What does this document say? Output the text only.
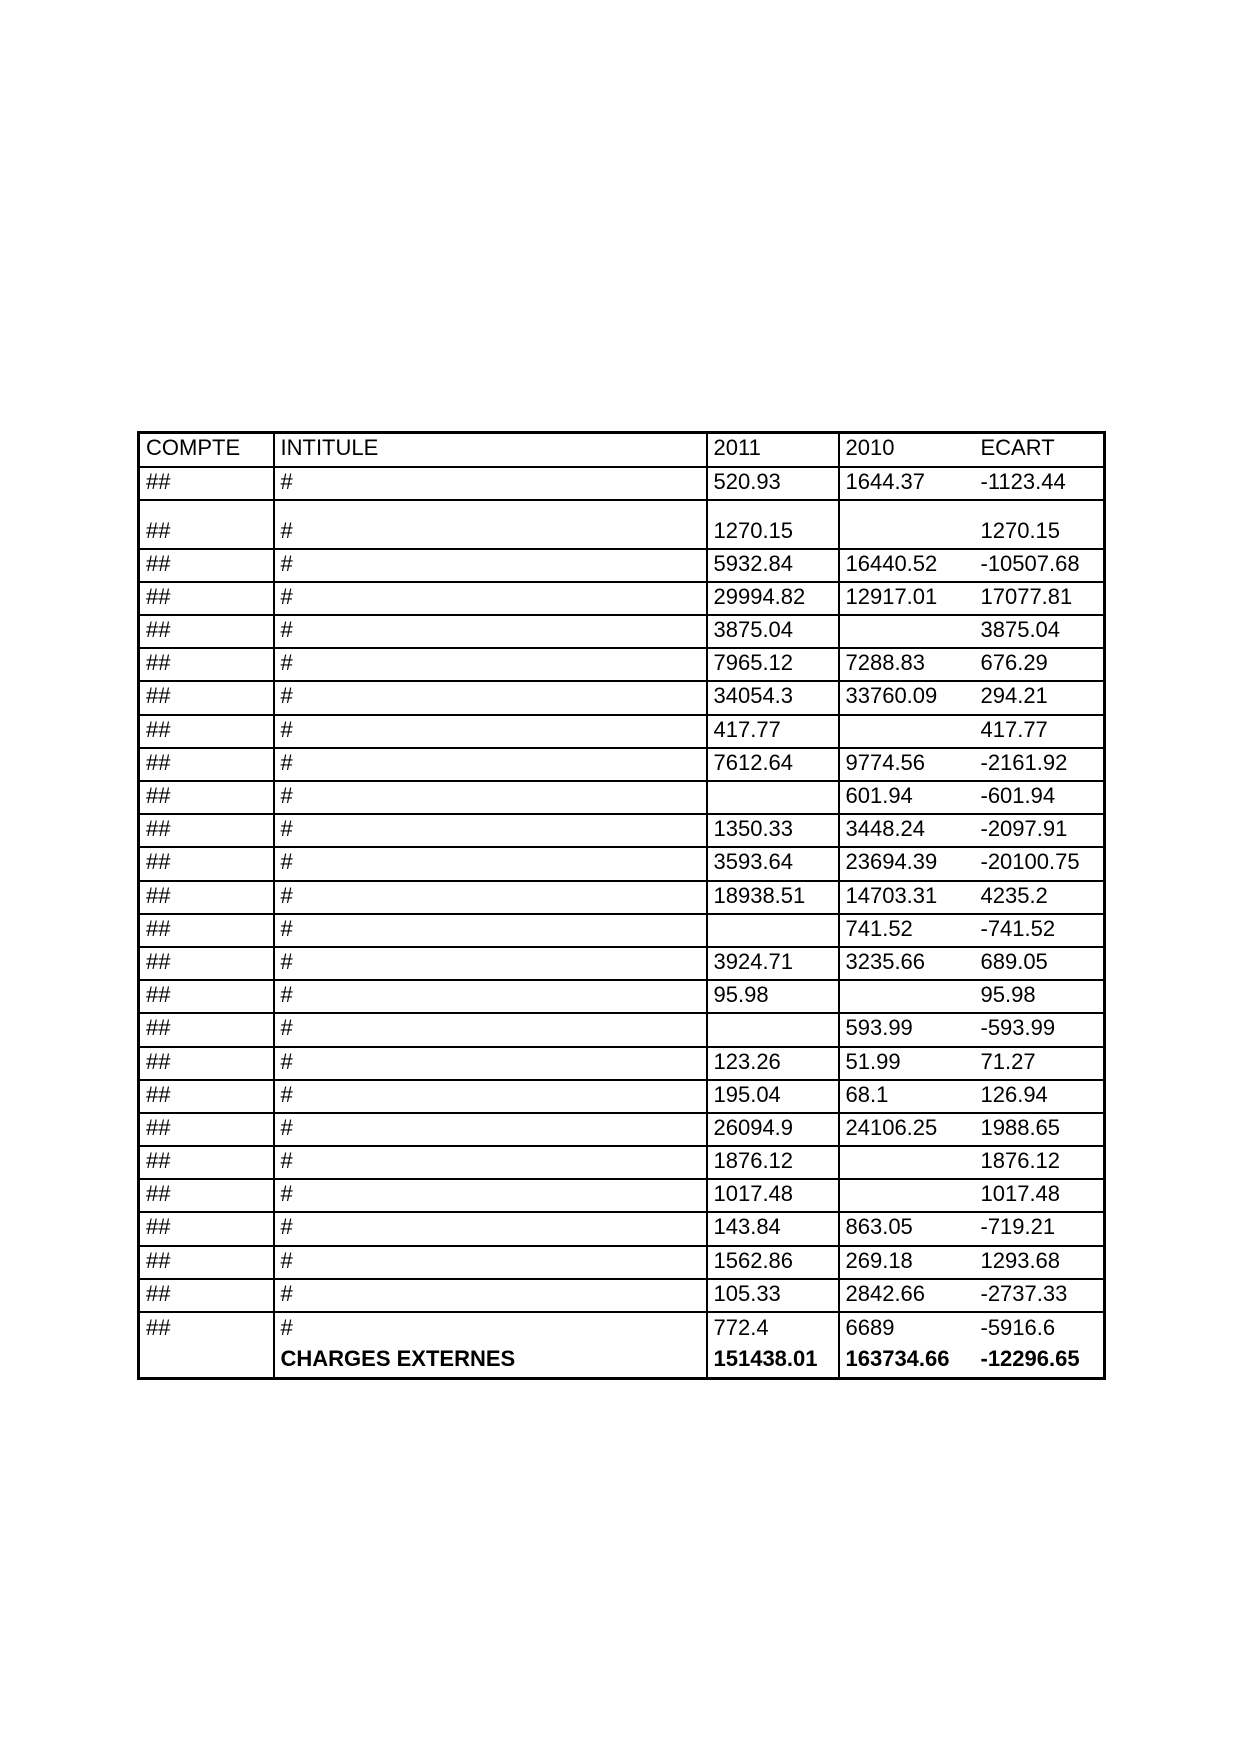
COMPTE	INTITULE	2011	2010	ECART
##	#	520.93	1644.37	-1123.44
##	#	1270.15		1270.15
##	#	5932.84	16440.52	-10507.68
##	#	29994.82	12917.01	17077.81
##	#	3875.04		3875.04
##	#	7965.12	7288.83	676.29
##	#	34054.3	33760.09	294.21
##	#	417.77		417.77
##	#	7612.64	9774.56	-2161.92
##	#		601.94	-601.94
##	#	1350.33	3448.24	-2097.91
##	#	3593.64	23694.39	-20100.75
##	#	18938.51	14703.31	4235.2
##	#		741.52	-741.52
##	#	3924.71	3235.66	689.05
##	#	95.98		95.98
##	#		593.99	-593.99
##	#	123.26	51.99	71.27
##	#	195.04	68.1	126.94
##	#	26094.9	24106.25	1988.65
##	#	1876.12		1876.12
##	#	1017.48		1017.48
##	#	143.84	863.05	-719.21
##	#	1562.86	269.18	1293.68
##	#	105.33	2842.66	-2737.33
##	#	772.4	6689	-5916.6
	CHARGES EXTERNES	151438.01	163734.66	-12296.65
